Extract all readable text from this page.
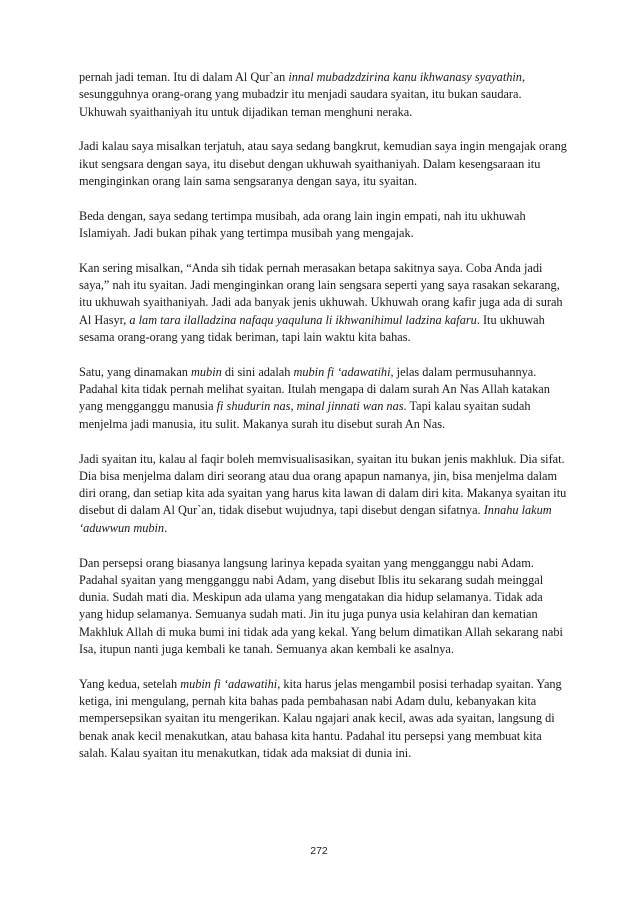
pernah jadi teman. Itu di dalam Al Qur`an innal mubadzdzirina kanu ikhwanasy syayathin, sesungguhnya orang-orang yang mubadzir itu menjadi saudara syaitan, itu bukan saudara. Ukhuwah syaithaniyah itu untuk dijadikan teman menghuni neraka.

Jadi kalau saya misalkan terjatuh, atau saya sedang bangkrut, kemudian saya ingin mengajak orang ikut sengsara dengan saya, itu disebut dengan ukhuwah syaithaniyah. Dalam kesengsaraan itu menginginkan orang lain sama sengsaranya dengan saya, itu syaitan.

Beda dengan, saya sedang tertimpa musibah, ada orang lain ingin empati, nah itu ukhuwah Islamiyah. Jadi bukan pihak yang tertimpa musibah yang mengajak.

Kan sering misalkan, “Anda sih tidak pernah merasakan betapa sakitnya saya. Coba Anda jadi saya,” nah itu syaitan. Jadi menginginkan orang lain sengsara seperti yang saya rasakan sekarang, itu ukhuwah syaithaniyah. Jadi ada banyak jenis ukhuwah. Ukhuwah orang kafir juga ada di surah Al Hasyr, a lam tara ilalladzina nafaqu yaquluna li ikhwanihimul ladzina kafaru. Itu ukhuwah sesama orang-orang yang tidak beriman, tapi lain waktu kita bahas.

Satu, yang dinamakan mubin di sini adalah mubin fi ‘adawatihi, jelas dalam permusuhannya. Padahal kita tidak pernah melihat syaitan. Itulah mengapa di dalam surah An Nas Allah katakan yang mengganggu manusia fi shudurin nas, minal jinnati wan nas. Tapi kalau syaitan sudah menjelma jadi manusia, itu sulit. Makanya surah itu disebut surah An Nas.

Jadi syaitan itu, kalau al faqir boleh memvisualisasikan, syaitan itu bukan jenis makhluk. Dia sifat. Dia bisa menjelma dalam diri seorang atau dua orang apapun namanya, jin, bisa menjelma dalam diri orang, dan setiap kita ada syaitan yang harus kita lawan di dalam diri kita. Makanya syaitan itu disebut di dalam Al Qur`an, tidak disebut wujudnya, tapi disebut dengan sifatnya. Innahu lakum ‘aduwwun mubin.

Dan persepsi orang biasanya langsung larinya kepada syaitan yang mengganggu nabi Adam. Padahal syaitan yang mengganggu nabi Adam, yang disebut Iblis itu sekarang sudah meinggal dunia. Sudah mati dia. Meskipun ada ulama yang mengatakan dia hidup selamanya. Tidak ada yang hidup selamanya. Semuanya sudah mati. Jin itu juga punya usia kelahiran dan kematian Makhluk Allah di muka bumi ini tidak ada yang kekal. Yang belum dimatikan Allah sekarang nabi Isa, itupun nanti juga kembali ke tanah. Semuanya akan kembali ke asalnya.

Yang kedua, setelah mubin fi ‘adawatihi, kita harus jelas mengambil posisi terhadap syaitan. Yang ketiga, ini mengulang, pernah kita bahas pada pembahasan nabi Adam dulu, kebanyakan kita mempersepsikan syaitan itu mengerikan. Kalau ngajari anak kecil, awas ada syaitan, langsung di benak anak kecil menakutkan, atau bahasa kita hantu. Padahal itu persepsi yang membuat kita salah. Kalau syaitan itu menakutkan, tidak ada maksiat di dunia ini.

272
